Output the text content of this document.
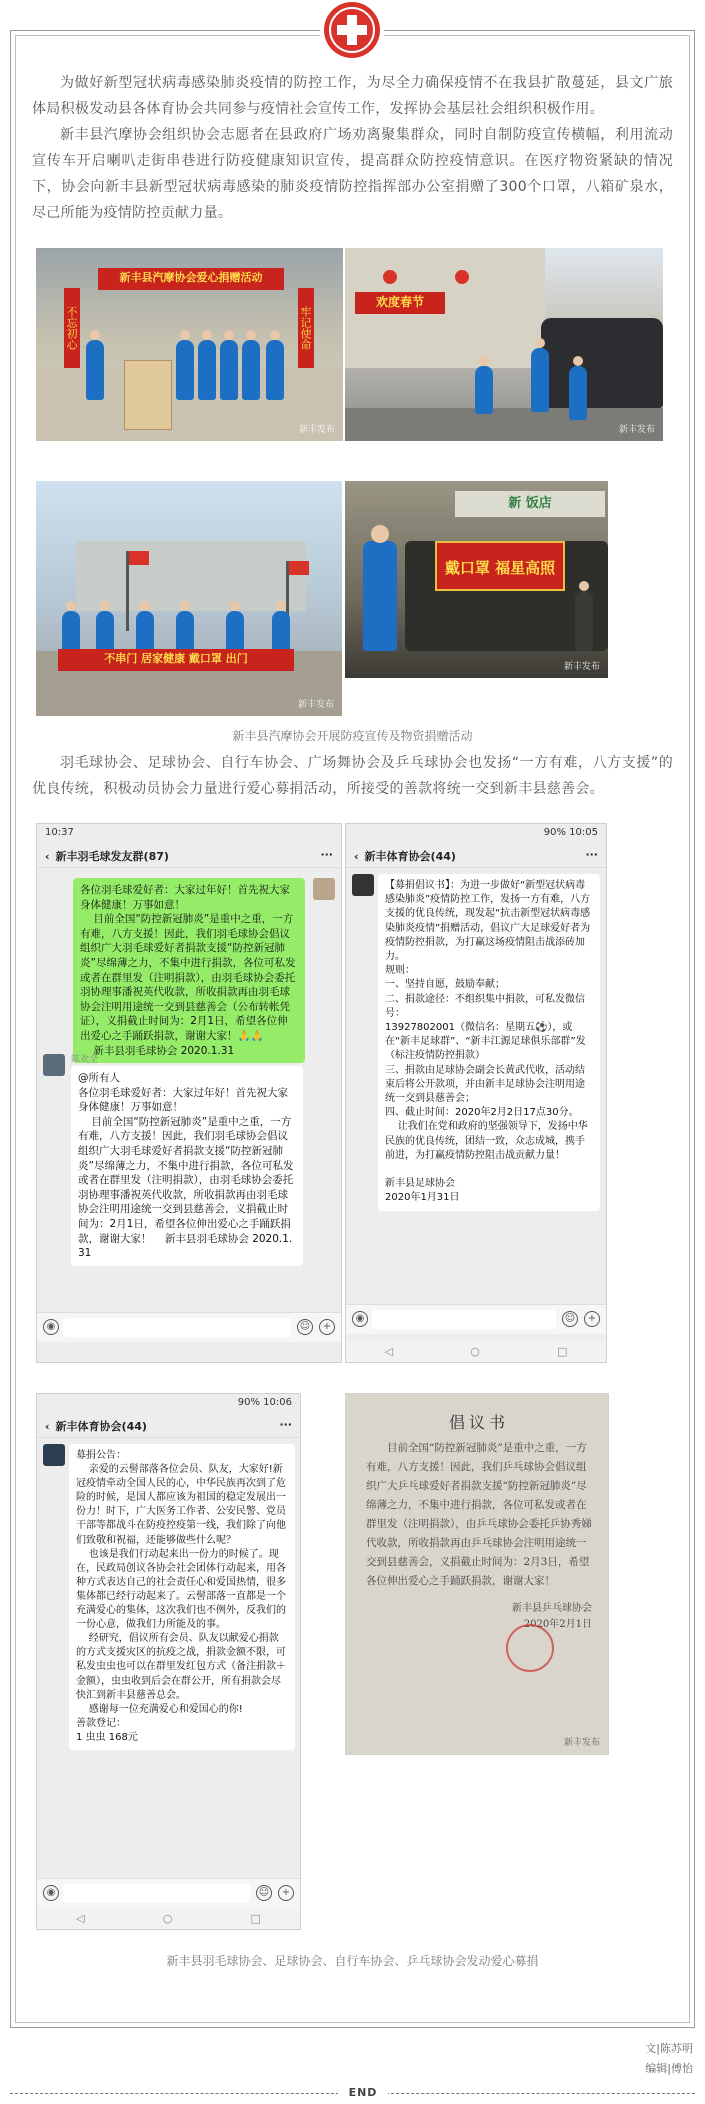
为做好新型冠状病毒感染肺炎疫情的防控工作，为尽全力确保疫情不在我县扩散蔓延，县文广旅体局积极发动县各体育协会共同参与疫情社会宣传工作，发挥协会基层社会组织积极作用。

新丰县汽摩协会组织协会志愿者在县政府广场劝离聚集群众，同时自制防疫宣传横幅，利用流动宣传车开启喇叭走街串巷进行防疫健康知识宣传，提高群众防控疫情意识。在医疗物资紧缺的情况下，协会向新丰县新型冠状病毒感染的肺炎疫情防控指挥部办公室捐赠了300个口罩，八箱矿泉水，尽己所能为疫情防控贡献力量。

新丰县汽摩协会爱心捐赠活动
不忘初心	牢记使命
新丰发布
欢度春节
新丰发布
不串门 居家健康 戴口罩 出门
新丰发布
新 饭店
戴口罩 福星高照
新丰发布
新丰县汽摩协会开展防疫宣传及物资捐赠活动

羽毛球协会、足球协会、自行车协会、广场舞协会及乒乓球协会也发扬“一方有难，八方支援”的优良传统，积极动员协会力量进行爱心募捐活动，所接受的善款将统一交到新丰县慈善会。

10:37
‹ 新丰羽毛球发友群(87)	···
各位羽毛球爱好者：大家过年好！首先祝大家身体健康！万事如意！
目前全国“防控新冠肺炎”是重中之重，一方有难，八方支援！因此，我们羽毛球协会倡议组织广大羽毛球爱好者捐款支援“防控新冠肺炎”尽绵薄之力，不集中进行捐款，各位可私发或者在群里发（注明捐款），由羽毛球协会委托羽协理事潘祝英代收款，所收捐款再由羽毛球协会注明用途统一交到县慈善会（公布转帐凭证），义捐截止时间为：2月1日，希望各位伸出爱心之手踊跃捐款，谢谢大家！🙏🙏
新丰县羽毛球协会 2020.1.31
陈欢全
@所有人
各位羽毛球爱好者：大家过年好！首先祝大家身体健康！万事如意！
目前全国“防控新冠肺炎”是重中之重，一方有难，八方支援！因此，我们羽毛球协会倡议组织广大羽毛球爱好者捐款支援“防控新冠肺炎”尽绵薄之力，不集中进行捐款，各位可私发或者在群里发（注明捐款），由羽毛球协会委托羽协理事潘祝英代收款，所收捐款再由羽毛球协会注明用途统一交到县慈善会，义捐截止时间为：2月1日，希望各位伸出爱心之手踊跃捐款，谢谢大家！    新丰县羽毛球协会 2020.1.31
◉	☺	+
90% 10:05
‹ 新丰体育协会(44)	···
【募捐倡议书】：为进一步做好“新型冠状病毒感染肺炎”疫情防控工作，发扬一方有难，八方支援的优良传统，现发起“抗击新型冠状病毒感染肺炎疫情”捐赠活动，倡议广大足球爱好者为疫情防控捐款，为打赢这场疫情阻击战添砖加力。
规则：
一、坚持自愿，鼓励奉献；
二、捐款途径：不组织集中捐款，可私发微信号：
13927802001（微信名：星期五⚽），或在“新丰足球群”、“新丰江源足球俱乐部群”发（标注疫情防控捐款）
三、捐款由足球协会副会长黄武代收，活动结束后将公开款项，并由新丰足球协会注明用途统一交到县慈善会；
四、截止时间：2020年2月2日17点30分。
让我们在党和政府的坚强领导下，发扬中华民族的优良传统，团结一致，众志成城，携手前进，为打赢疫情防控阻击战贡献力量！

新丰县足球协会
2020年1月31日
◉	☺	+
◁	○	□
90% 10:06
‹ 新丰体育协会(44)	···
募捐公告：
亲爱的云髻部落各位会员、队友，大家好!新冠疫情牵动全国人民的心，中华民族再次到了危险的时候，是国人都应该为祖国的稳定发展出一份力！时下，广大医务工作者、公安民警、党员干部等都战斗在防疫控疫第一线，我们除了向他们致敬和祝福，还能够做些什么呢？
也该是我们行动起来出一份力的时候了。现在，民政局创议各协会社会团体行动起来，用各种方式表达自己的社会责任心和爱国热情，很多集体都已经行动起来了。云髻部落一直都是一个充满爱心的集体，这次我们也不例外，反我们的一份心意，做我们力所能及的事。
经研究，倡议所有会员、队友以献爱心捐款的方式支援灾区的抗疫之战，捐款金额不限，可私发虫虫也可以在群里发红包方式（备注捐款＋金额），虫虫收到后会在群公开，所有捐款会尽快汇到新丰县慈善总会。
感谢每一位充满爱心和爱国心的你!
善款登记：
1 虫虫 168元
◉	☺	+
◁	○	□
倡议书
目前全国“防控新冠肺炎”是重中之重，一方有难，八方支援！因此，我们乒乓球协会倡议组织广大乒乓球爱好者捐款支援“防控新冠肺炎”尽绵薄之力，不集中进行捐款，各位可私发或者在群里发（注明捐款），由乒乓球协会委托乒协秀娣代收款，所收捐款再由乒乓球协会注明用途统一交到县慈善会，义捐截止时间为：2月3日，希望各位伸出爱心之手踊跃捐款，谢谢大家！
新丰县乒乓球协会
2020年2月1日
新丰发布
新丰县羽毛球协会、足球协会、自行车协会、乒乓球协会发动爱心募捐
文|陈苏明
编辑|傅怡
END
